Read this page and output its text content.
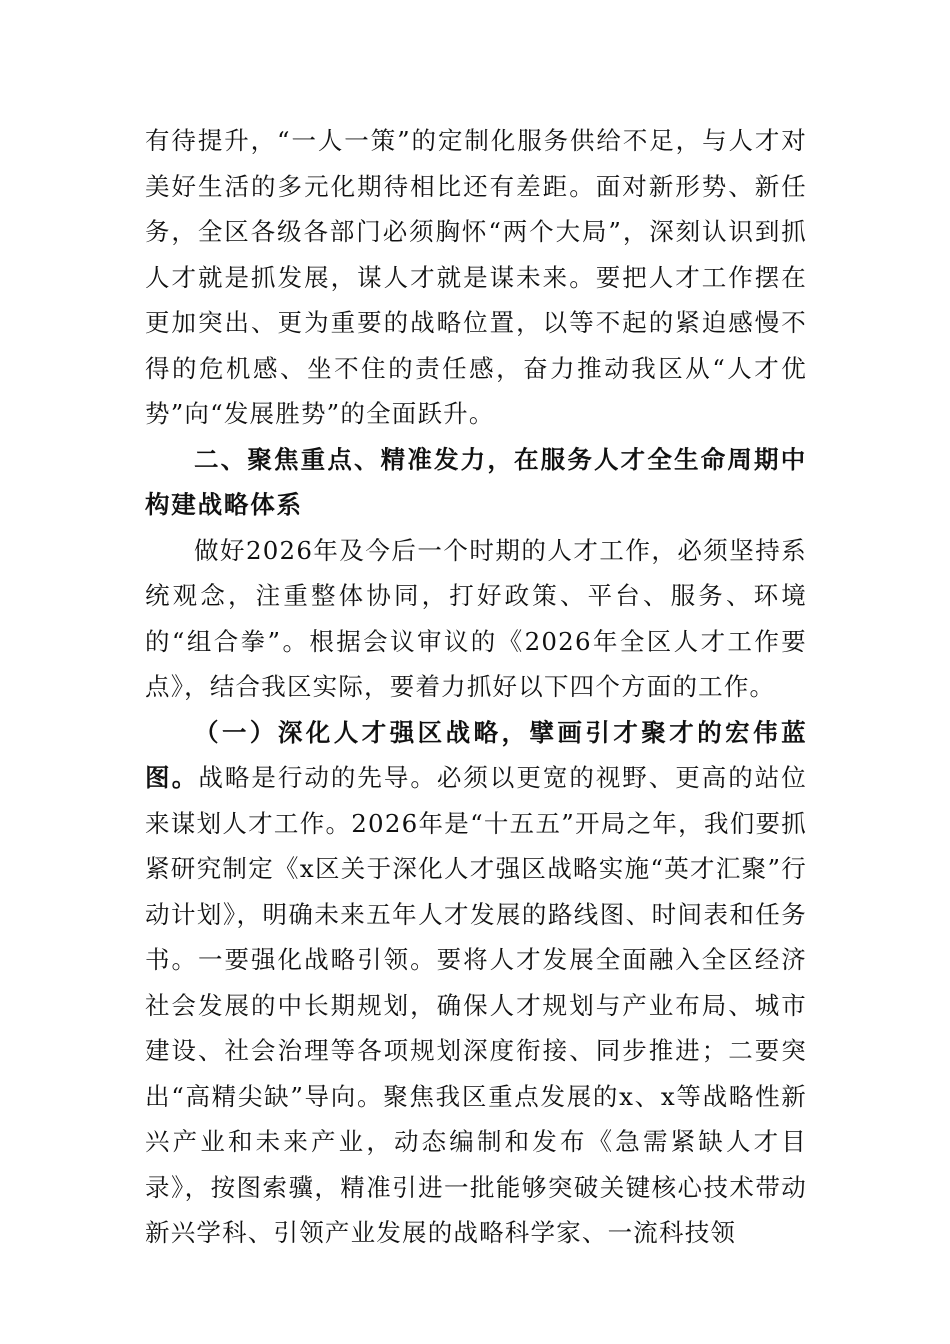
有待提升，“一人一策”的定制化服务供给不足，与人才对美好生活的多元化期待相比还有差距。面对新形势、新任务，全区各级各部门必须胸怀“两个大局”，深刻认识到抓人才就是抓发展，谋人才就是谋未来。要把人才工作摆在更加突出、更为重要的战略位置，以等不起的紧迫感慢不得的危机感、坐不住的责任感，奋力推动我区从“人才优势”向“发展胜势”的全面跃升。

二、聚焦重点、精准发力，在服务人才全生命周期中构建战略体系

做好2026年及今后一个时期的人才工作，必须坚持系统观念，注重整体协同，打好政策、平台、服务、环境的“组合拳”。根据会议审议的《2026年全区人才工作要点》，结合我区实际，要着力抓好以下四个方面的工作。

（一）深化人才强区战略，擘画引才聚才的宏伟蓝图。战略是行动的先导。必须以更宽的视野、更高的站位来谋划人才工作。2026年是“十五五”开局之年，我们要抓紧研究制定《x区关于深化人才强区战略实施“英才汇聚”行动计划》，明确未来五年人才发展的路线图、时间表和任务书。一要强化战略引领。要将人才发展全面融入全区经济社会发展的中长期规划，确保人才规划与产业布局、城市建设、社会治理等各项规划深度衔接、同步推进；二要突出“高精尖缺”导向。聚焦我区重点发展的x、x等战略性新兴产业和未来产业，动态编制和发布《急需紧缺人才目录》，按图索骥，精准引进一批能够突破关键核心技术带动新兴学科、引领产业发展的战略科学家、一流科技领
